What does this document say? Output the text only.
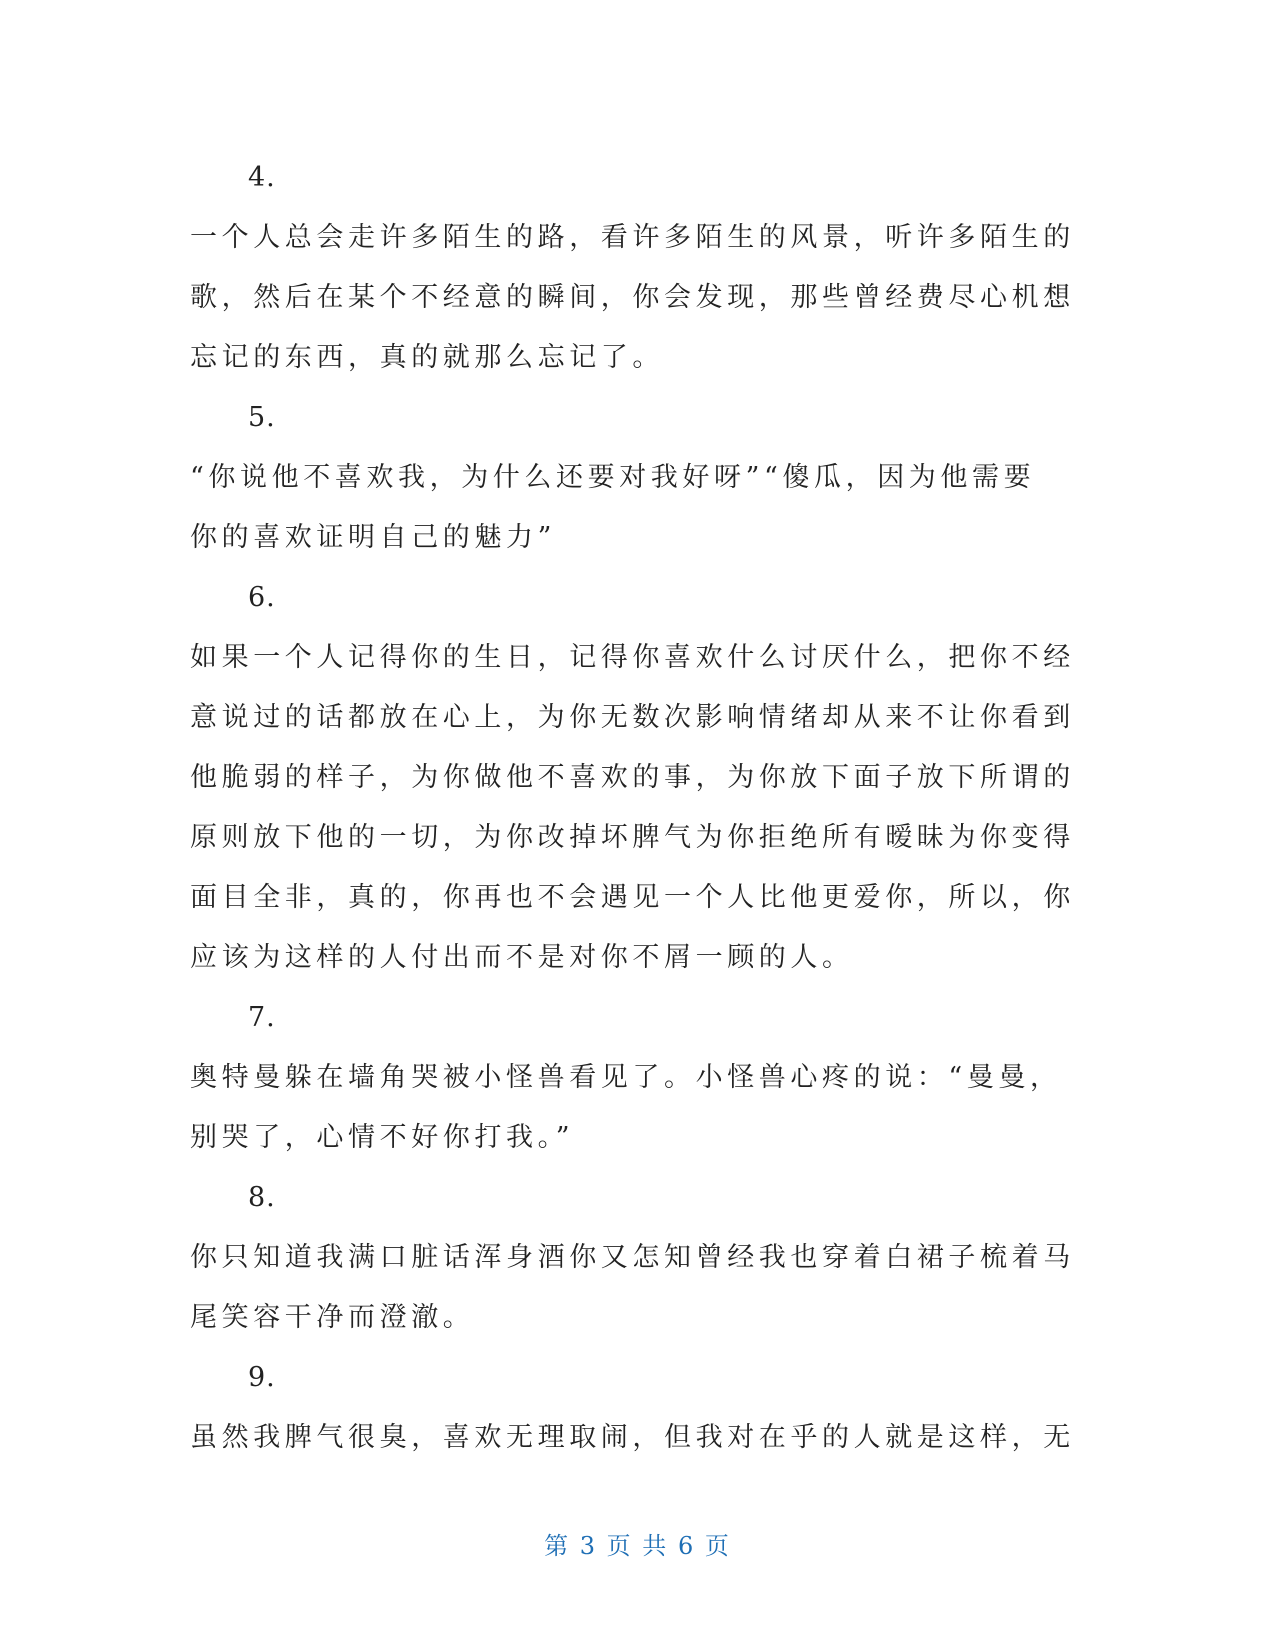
4.

一个人总会走许多陌生的路，看许多陌生的风景，听许多陌生的
歌，然后在某个不经意的瞬间，你会发现，那些曾经费尽心机想
忘记的东西，真的就那么忘记了。

5.

“你说他不喜欢我，为什么还要对我好呀”“傻瓜，因为他需要
你的喜欢证明自己的魅力”

6.

如果一个人记得你的生日，记得你喜欢什么讨厌什么，把你不经
意说过的话都放在心上，为你无数次影响情绪却从来不让你看到
他脆弱的样子，为你做他不喜欢的事，为你放下面子放下所谓的
原则放下他的一切，为你改掉坏脾气为你拒绝所有暧昧为你变得
面目全非，真的，你再也不会遇见一个人比他更爱你，所以，你
应该为这样的人付出而不是对你不屑一顾的人。

7.

奥特曼躲在墙角哭被小怪兽看见了。小怪兽心疼的说：“曼曼，
别哭了，心情不好你打我。”

8.

你只知道我满口脏话浑身酒你又怎知曾经我也穿着白裙子梳着马
尾笑容干净而澄澈。

9.

虽然我脾气很臭，喜欢无理取闹，但我对在乎的人就是这样，无

第 3 页 共 6 页
